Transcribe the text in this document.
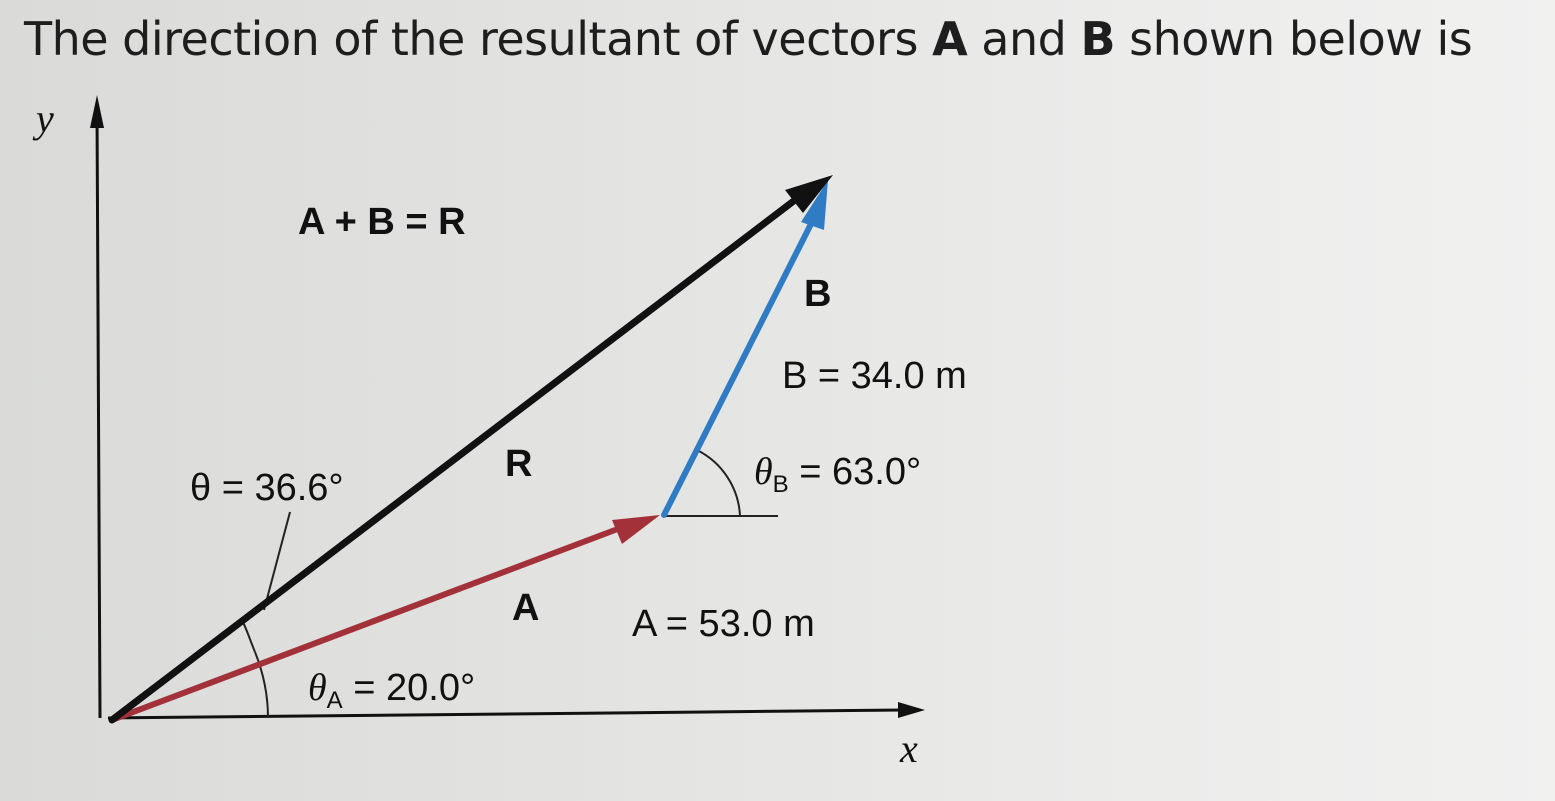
The direction of the resultant of vectors A and B shown below is
y
x
A + B = R
B
B = 34.0 m
R
θ = 36.6°	$\theta_B = 63.0^\circ$
A A = 53.0 m
$\theta_A = 20.0^\circ$
